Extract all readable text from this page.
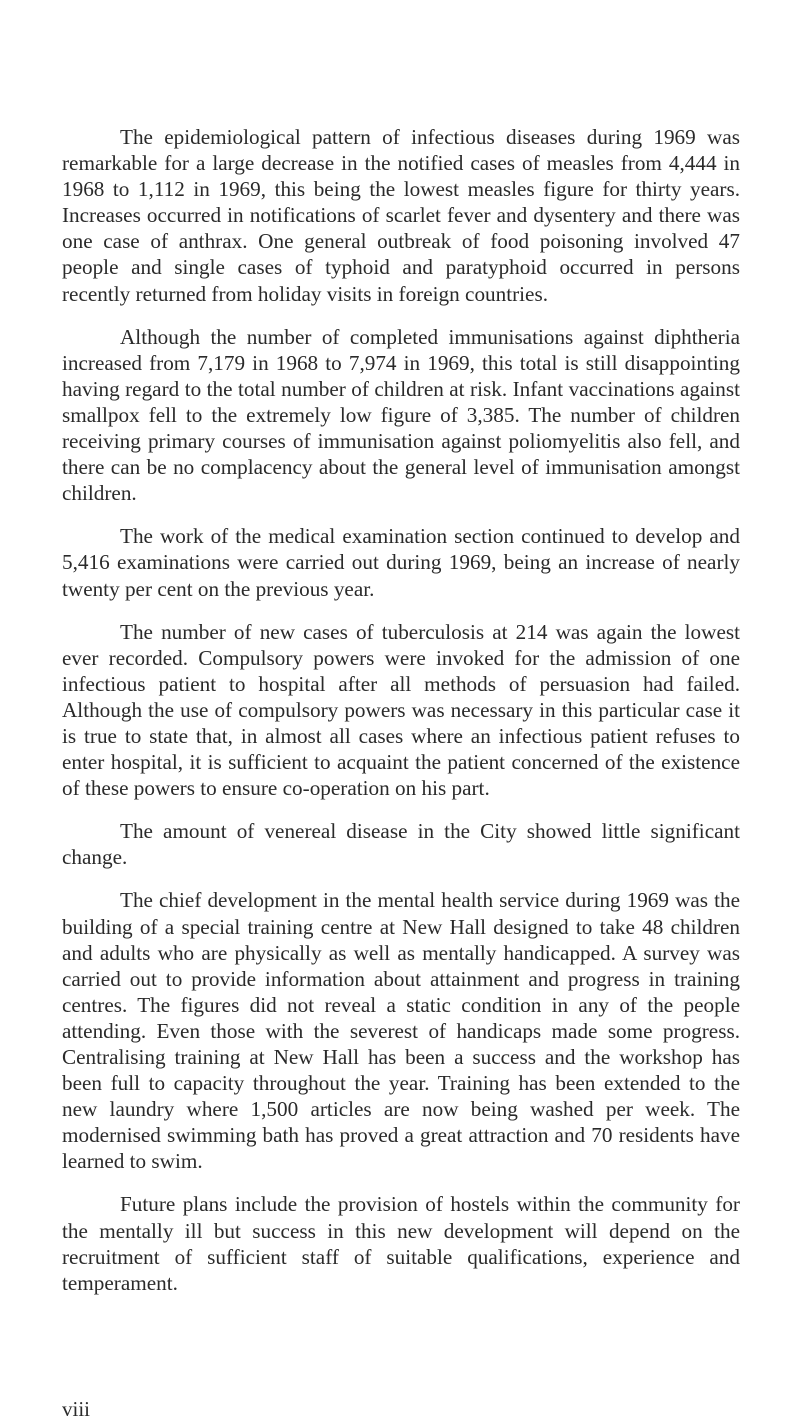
The epidemiological pattern of infectious diseases during 1969 was remarkable for a large decrease in the notified cases of measles from 4,444 in 1968 to 1,112 in 1969, this being the lowest measles figure for thirty years. Increases occurred in notifications of scarlet fever and dysentery and there was one case of anthrax. One general outbreak of food poisoning involved 47 people and single cases of typhoid and paratyphoid occurred in persons recently returned from holiday visits in foreign countries.

Although the number of completed immunisations against diphtheria increased from 7,179 in 1968 to 7,974 in 1969, this total is still disappointing having regard to the total number of children at risk. Infant vaccinations against smallpox fell to the extremely low figure of 3,385. The number of children receiving primary courses of immunisation against poliomyelitis also fell, and there can be no complacency about the general level of immunisation amongst children.

The work of the medical examination section continued to develop and 5,416 examinations were carried out during 1969, being an increase of nearly twenty per cent on the previous year.

The number of new cases of tuberculosis at 214 was again the lowest ever recorded. Compulsory powers were invoked for the admission of one infectious patient to hospital after all methods of persuasion had failed. Although the use of compulsory powers was necessary in this particular case it is true to state that, in almost all cases where an infectious patient refuses to enter hospital, it is sufficient to acquaint the patient concerned of the existence of these powers to ensure co-operation on his part.

The amount of venereal disease in the City showed little significant change.

The chief development in the mental health service during 1969 was the building of a special training centre at New Hall designed to take 48 children and adults who are physically as well as mentally handicapped. A survey was carried out to provide information about attainment and progress in training centres. The figures did not reveal a static condition in any of the people attending. Even those with the severest of handicaps made some progress. Centralising training at New Hall has been a success and the workshop has been full to capacity throughout the year. Training has been extended to the new laundry where 1,500 articles are now being washed per week. The modernised swimming bath has proved a great attraction and 70 residents have learned to swim.

Future plans include the provision of hostels within the community for the mentally ill but success in this new development will depend on the recruitment of sufficient staff of suitable qualifications, experience and temperament.

viii
